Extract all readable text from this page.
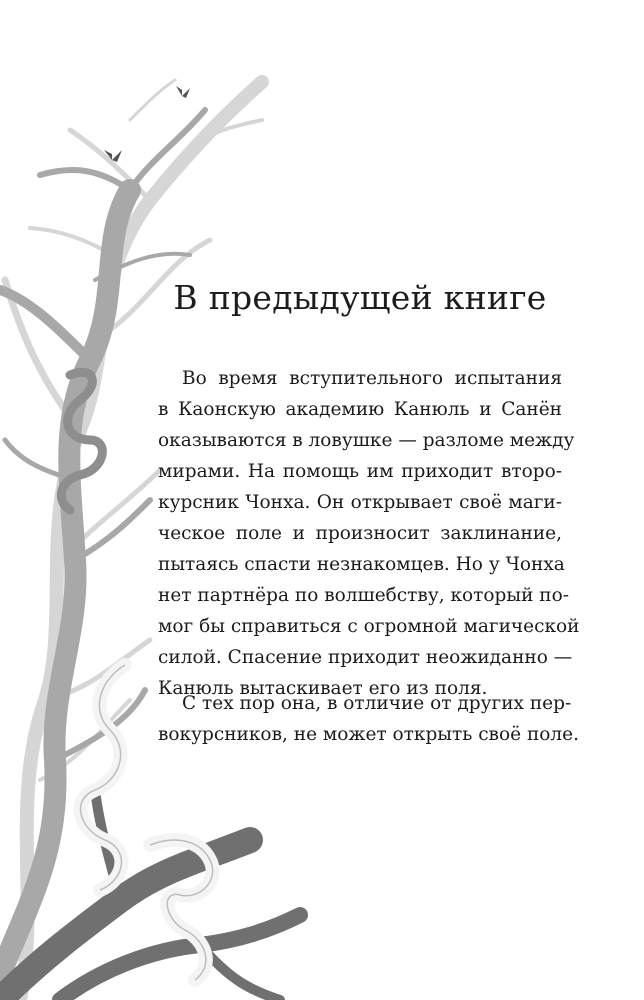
В предыдущей книге

Во время вступительного испытания
в Каонскую академию Канюль и Санён
оказываются в ловушке — разломе между
мирами. На помощь им приходит второ-
курсник Чонха. Он открывает своё маги-
ческое поле и произносит заклинание,
пытаясь спасти незнакомцев. Но у Чонха
нет партнёра по волшебству, который по-
мог бы справиться с огромной магической
силой. Спасение приходит неожиданно —
Канюль вытаскивает его из поля.

С тех пор она, в отличие от других пер-
вокурсников, не может открыть своё поле.
